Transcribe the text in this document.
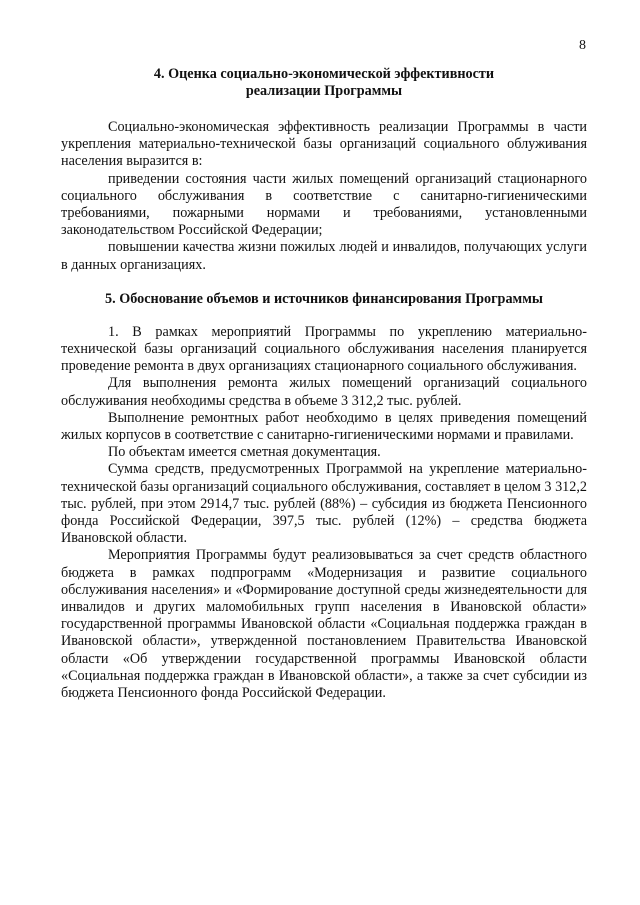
8
4. Оценка социально-экономической эффективности
реализации Программы

Социально-экономическая эффективность реализации Программы в части укрепления материально-технической базы организаций социального облуживания населения выразится в:

приведении состояния части жилых помещений организаций стационарного социального обслуживания в соответствие с санитарно-гигиеническими требованиями, пожарными нормами и требованиями, установленными законодательством Российской Федерации;

повышении качества жизни пожилых людей и инвалидов, получающих услуги в данных организациях.

5. Обоснование объемов и источников финансирования Программы

1. В рамках мероприятий Программы по укреплению материально-технической базы организаций социального обслуживания населения планируется проведение ремонта в двух организациях стационарного социального обслуживания.

Для выполнения ремонта жилых помещений организаций социального обслуживания необходимы средства в объеме 3 312,2 тыс. рублей.

Выполнение ремонтных работ необходимо в целях приведения помещений жилых корпусов в соответствие с санитарно-гигиеническими нормами и правилами.

По объектам имеется сметная документация.

Сумма средств, предусмотренных Программой на укрепление материально-технической базы организаций социального обслуживания, составляет в целом 3 312,2 тыс. рублей, при этом 2914,7 тыс. рублей (88%) – субсидия из бюджета Пенсионного фонда Российской Федерации, 397,5 тыс. рублей (12%) – средства бюджета Ивановской области.

Мероприятия Программы будут реализовываться за счет средств областного бюджета в рамках подпрограмм «Модернизация и развитие социального обслуживания населения» и «Формирование доступной среды жизнедеятельности для инвалидов и других маломобильных групп населения в Ивановской области» государственной программы Ивановской области «Социальная поддержка граждан в Ивановской области», утвержденной постановлением Правительства Ивановской области «Об утверждении государственной программы Ивановской области «Социальная поддержка граждан в Ивановской области», а также за счет субсидии из бюджета Пенсионного фонда Российской Федерации.
